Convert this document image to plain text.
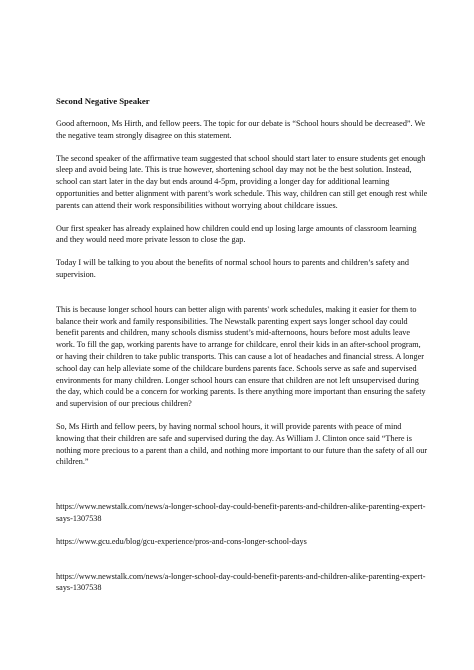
Second Negative Speaker

Good afternoon, Ms Hirth, and fellow peers. The topic for our debate is “School hours should be decreased”. We the negative team strongly disagree on this statement.

The second speaker of the affirmative team suggested that school should start later to ensure students get enough sleep and avoid being late. This is true however, shortening school day may not be the best solution. Instead, school can start later in the day but ends around 4-5pm, providing a longer day for additional learning opportunities and better alignment with parent’s work schedule. This way, children can still get enough rest while parents can attend their work responsibilities without worrying about childcare issues.

Our first speaker has already explained how children could end up losing large amounts of classroom learning and they would need more private lesson to close the gap.

Today I will be talking to you about the benefits of normal school hours to parents and children’s safety and supervision.

This is because longer school hours can better align with parents' work schedules, making it easier for them to balance their work and family responsibilities. The Newstalk parenting expert says longer school day could benefit parents and children, many schools dismiss student’s mid-afternoons, hours before most adults leave work. To fill the gap, working parents have to arrange for childcare, enrol their kids in an after-school program, or having their children to take public transports. This can cause a lot of headaches and financial stress. A longer school day can help alleviate some of the childcare burdens parents face. Schools serve as safe and supervised environments for many children. Longer school hours can ensure that children are not left unsupervised during the day, which could be a concern for working parents. Is there anything more important than ensuring the safety and supervision of our precious children?

So, Ms Hirth and fellow peers, by having normal school hours, it will provide parents with peace of mind knowing that their children are safe and supervised during the day. As William J. Clinton once said “There is nothing more precious to a parent than a child, and nothing more important to our future than the safety of all our children.”

https://www.newstalk.com/news/a-longer-school-day-could-benefit-parents-and-children-alike-parenting-expert-says-1307538

https://www.gcu.edu/blog/gcu-experience/pros-and-cons-longer-school-days

https://www.newstalk.com/news/a-longer-school-day-could-benefit-parents-and-children-alike-parenting-expert-says-1307538
